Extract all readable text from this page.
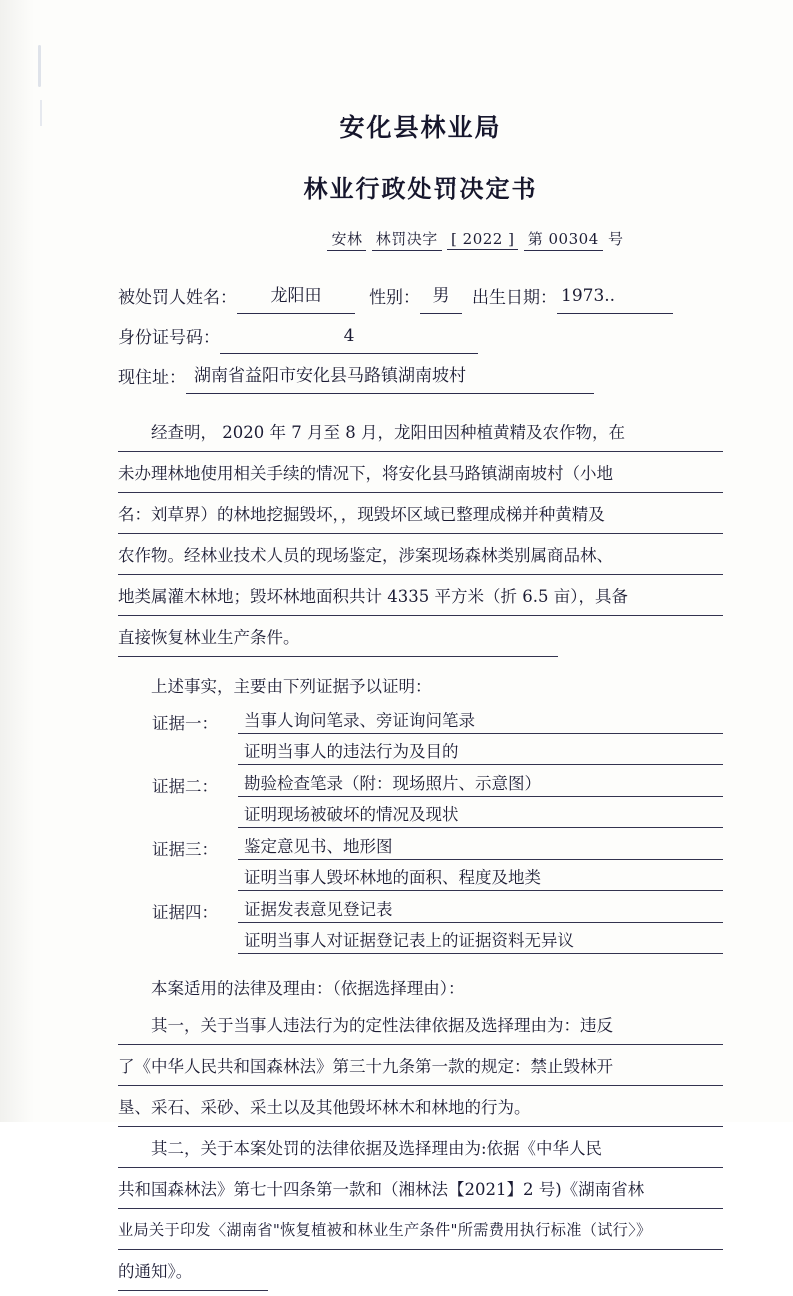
安化县林业局
林业行政处罚决定书
安林 林罚决字 [ 2022 ] 第 00304 号
被处罚人姓名：	龙阳田	性别： 男	出生日期： 1973..
身份证号码：	4
现住址： 湖南省益阳市安化县马路镇湖南坡村
经查明， 2020 年 7 月至 8 月，龙阳田因种植黄精及农作物，在
未办理林地使用相关手续的情况下，将安化县马路镇湖南坡村（小地
名：刘草界）的林地挖掘毁坏，，现毁坏区域已整理成梯并种黄精及
农作物。经林业技术人员的现场鉴定，涉案现场森林类别属商品林、
地类属灌木林地；毁坏林地面积共计 4335 平方米（折 6.5 亩），具备
直接恢复林业生产条件。
上述事实，主要由下列证据予以证明：
证据一：	当事人询问笔录、旁证询问笔录
证明当事人的违法行为及目的
证据二：	勘验检查笔录（附：现场照片、示意图）
证明现场被破坏的情况及现状
证据三：	鉴定意见书、地形图
证明当事人毁坏林地的面积、程度及地类
证据四：	证据发表意见登记表
证明当事人对证据登记表上的证据资料无异议
本案适用的法律及理由：（依据选择理由）：
其一，关于当事人违法行为的定性法律依据及选择理由为：违反
了《中华人民共和国森林法》第三十九条第一款的规定：禁止毁林开
垦、采石、采砂、采土以及其他毁坏林木和林地的行为。
其二，关于本案处罚的法律依据及选择理由为:依据《中华人民
共和国森林法》第七十四条第一款和（湘林法【2021】2 号)《湖南省林
业局关于印发〈湖南省"恢复植被和林业生产条件"所需费用执行标准（试行〉》
的通知》。
